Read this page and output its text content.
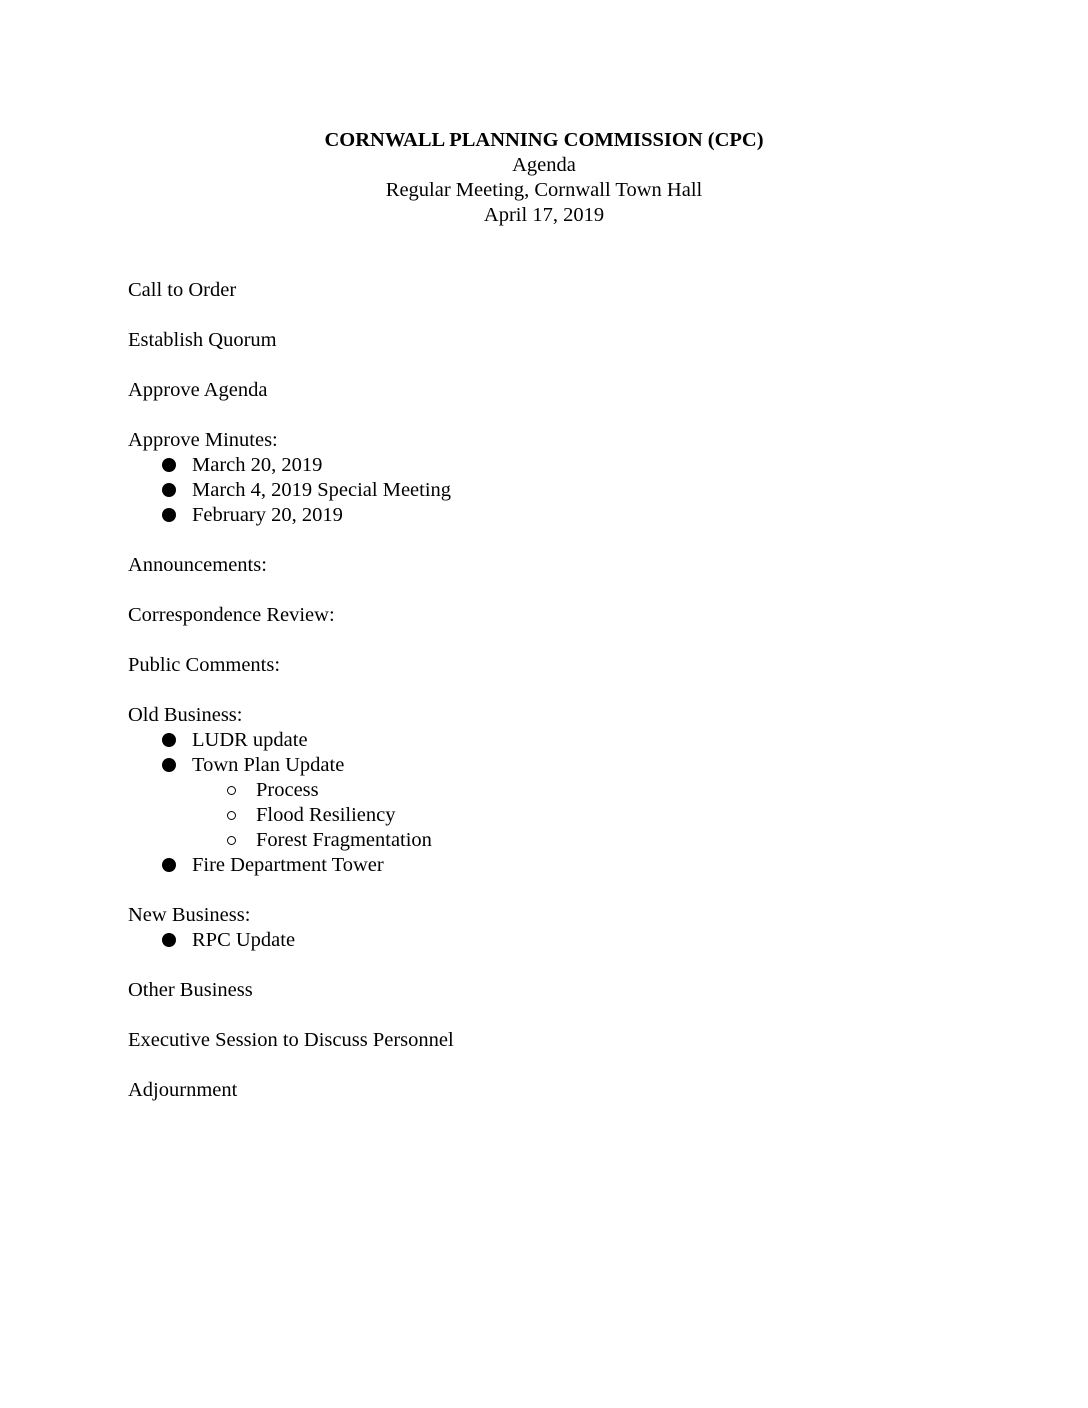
CORNWALL PLANNING COMMISSION (CPC)
Agenda
Regular Meeting, Cornwall Town Hall
April 17, 2019
Call to Order
Establish Quorum
Approve Agenda
Approve Minutes:
March 20, 2019
March 4, 2019 Special Meeting
February 20, 2019
Announcements:
Correspondence Review:
Public Comments:
Old Business:
LUDR update
Town Plan Update
Process
Flood Resiliency
Forest Fragmentation
Fire Department Tower
New Business:
RPC Update
Other Business
Executive Session to Discuss Personnel
Adjournment
